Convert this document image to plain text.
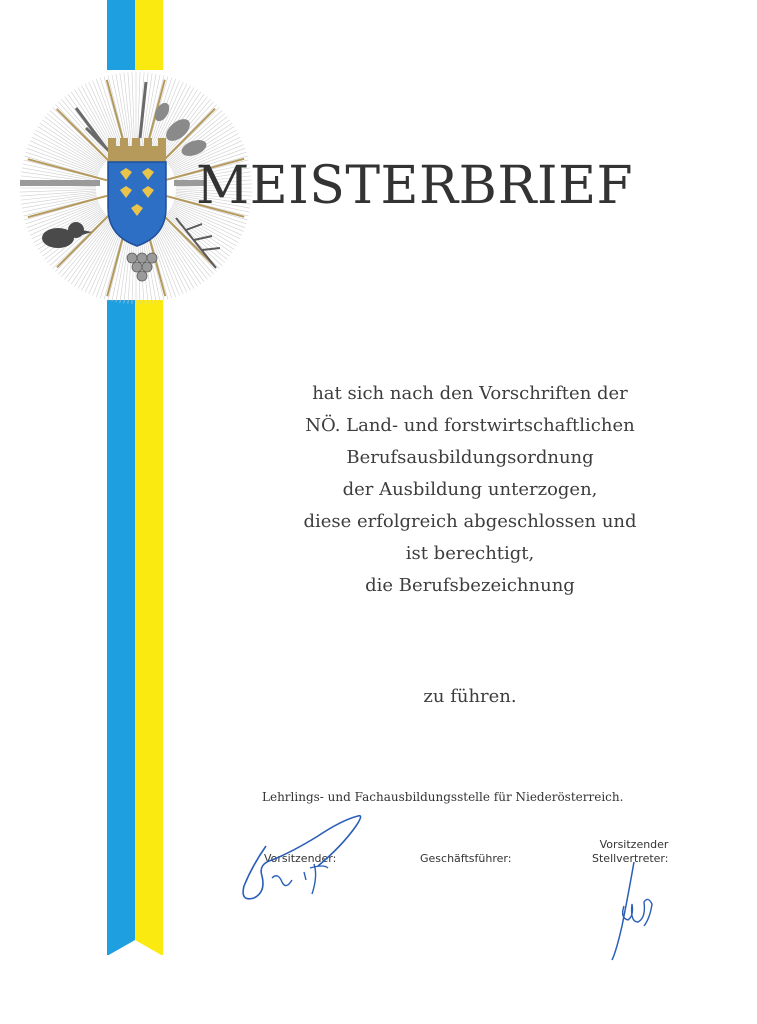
MEISTERBRIEF
hat sich nach den Vorschriften der
NÖ. Land- und forstwirtschaftlichen
Berufsausbildungsordnung
der Ausbildung unterzogen,
diese erfolgreich abgeschlossen und
ist berechtigt,
die Berufsbezeichnung
zu führen.
Lehrlings- und Fachausbildungsstelle für Niederösterreich.
Vorsitzender:	Geschäftsführer:
Vorsitzender
Stellvertreter:
